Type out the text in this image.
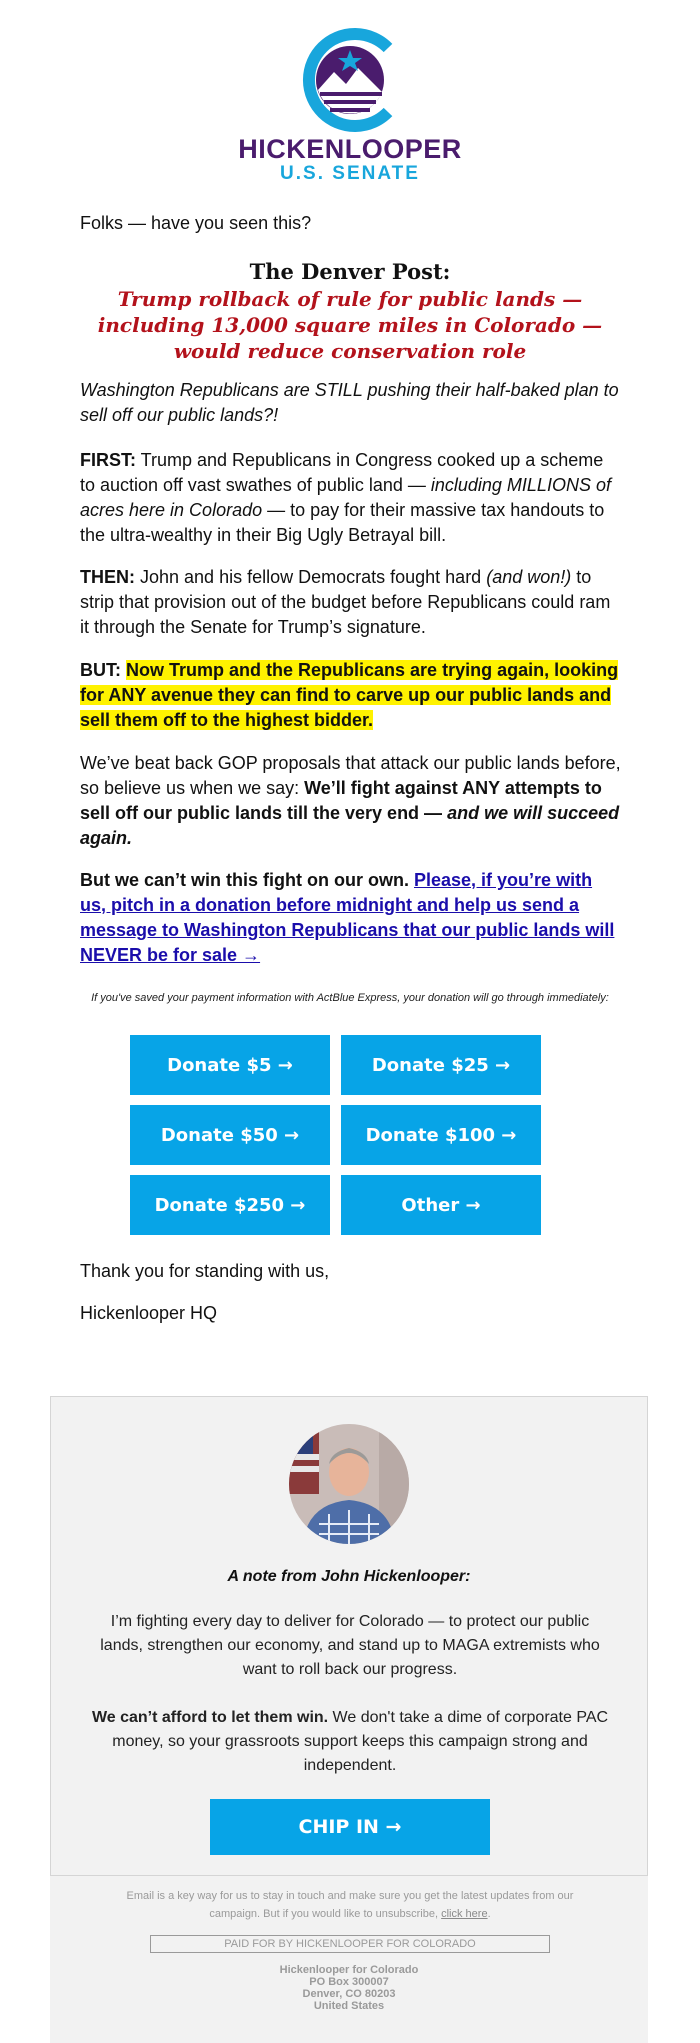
HICKENLOOPER
U.S. SENATE

Folks — have you seen this?

The Denver Post:
Trump rollback of rule for public lands — including 13,000 square miles in Colorado — would reduce conservation role

Washington Republicans are STILL pushing their half-baked plan to sell off our public lands?!

FIRST: Trump and Republicans in Congress cooked up a scheme to auction off vast swathes of public land — including MILLIONS of acres here in Colorado — to pay for their massive tax handouts to the ultra-wealthy in their Big Ugly Betrayal bill.

THEN: John and his fellow Democrats fought hard (and won!) to strip that provision out of the budget before Republicans could ram it through the Senate for Trump’s signature.

BUT: Now Trump and the Republicans are trying again, looking for ANY avenue they can find to carve up our public lands and sell them off to the highest bidder.

We’ve beat back GOP proposals that attack our public lands before, so believe us when we say: We’ll fight against ANY attempts to sell off our public lands till the very end — and we will succeed again.

But we can’t win this fight on our own. Please, if you’re with us, pitch in a donation before midnight and help us send a message to Washington Republicans that our public lands will NEVER be for sale →

If you've saved your payment information with ActBlue Express, your donation will go through immediately:
Donate $5 →	Donate $25 →
Donate $50 →	Donate $100 →
Donate $250 →	Other →

Thank you for standing with us,

Hickenlooper HQ

A note from John Hickenlooper:

I’m fighting every day to deliver for Colorado — to protect our public lands, strengthen our economy, and stand up to MAGA extremists who want to roll back our progress.

We can’t afford to let them win. We don't take a dime of corporate PAC money, so your grassroots support keeps this campaign strong and independent.

CHIP IN →

Email is a key way for us to stay in touch and make sure you get the latest updates from our campaign. But if you would like to unsubscribe, click here.

PAID FOR BY HICKENLOOPER FOR COLORADO
Hickenlooper for Colorado
PO Box 300007
Denver, CO 80203
United States
